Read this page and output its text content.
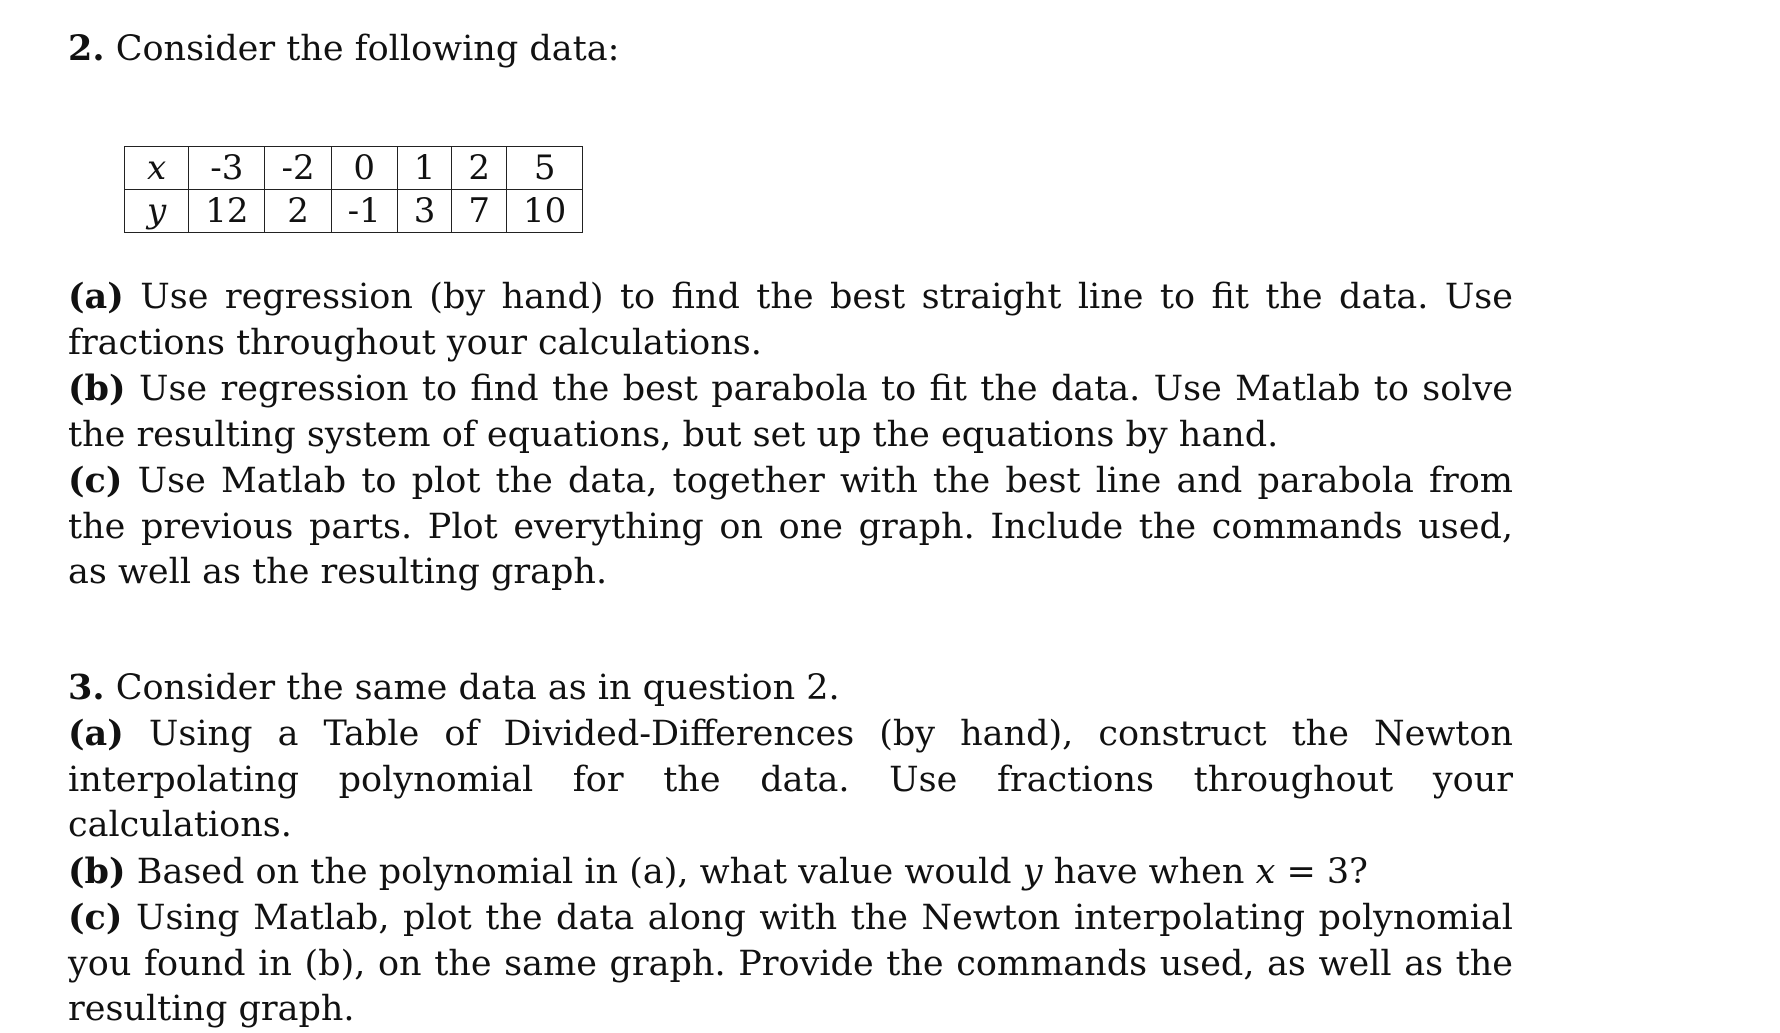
2. Consider the following data:
x	-3	-2	0	1	2	5
y	12	2	-1	3	7	10
(a) Use regression (by hand) to find the best straight line to fit the data. Use fractions throughout your calculations.
(b) Use regression to find the best parabola to fit the data. Use Matlab to solve the resulting system of equations, but set up the equations by hand.
(c) Use Matlab to plot the data, together with the best line and parabola from the previous parts. Plot everything on one graph. Include the commands used, as well as the resulting graph.
3. Consider the same data as in question 2.
(a) Using a Table of Divided-Differences (by hand), construct the Newton interpolating polynomial for the data. Use fractions throughout your calculations.
(b) Based on the polynomial in (a), what value would y have when x = 3?
(c) Using Matlab, plot the data along with the Newton interpolating polynomial you found in (b), on the same graph. Provide the commands used, as well as the resulting graph.
